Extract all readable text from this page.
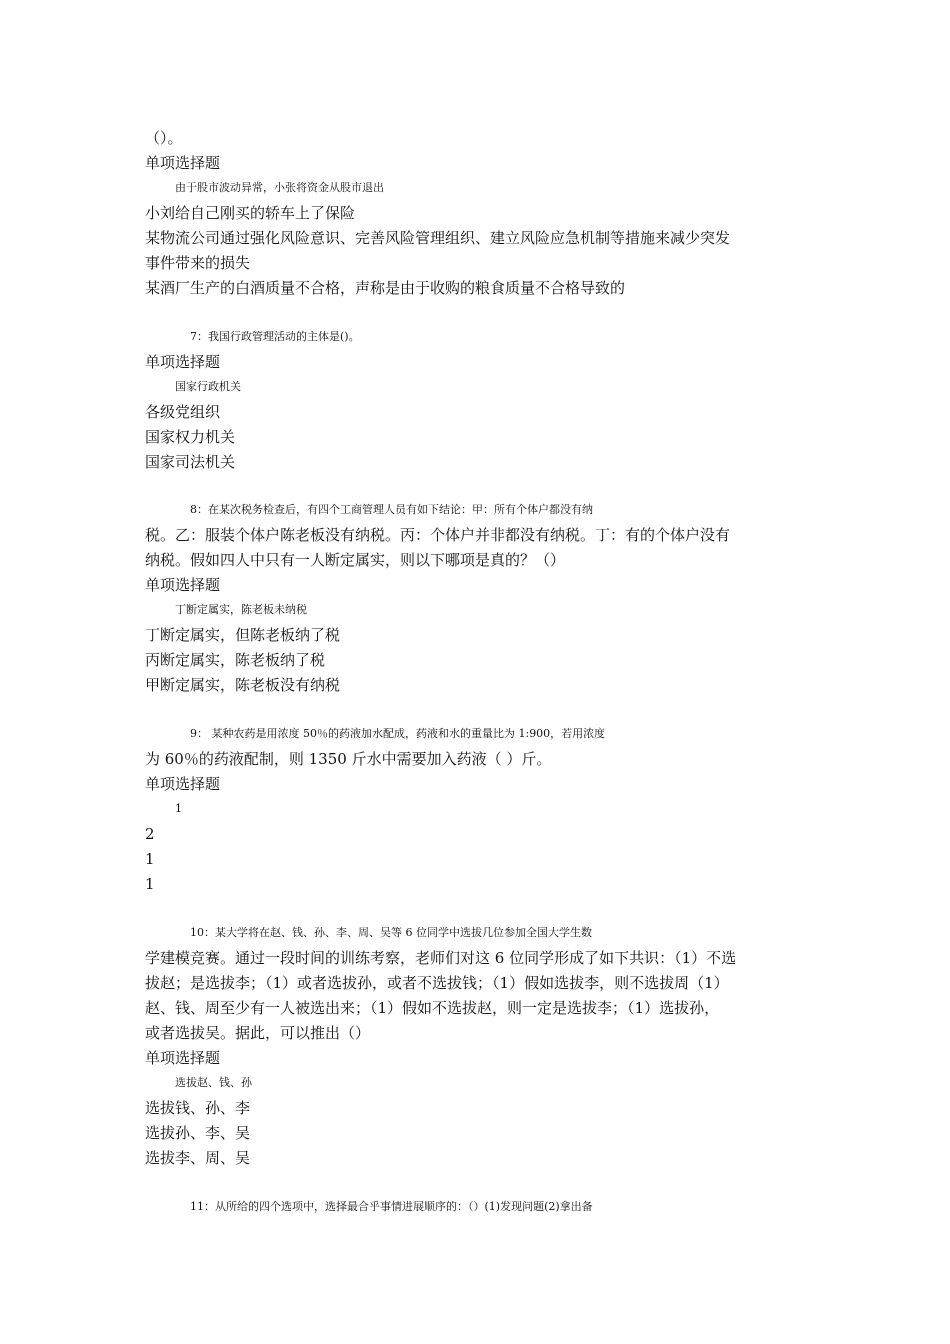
（）。
单项选择题
由于股市波动异常，小张将资金从股市退出
小刘给自己刚买的轿车上了保险
某物流公司通过强化风险意识、完善风险管理组织、建立风险应急机制等措施来减少突发
事件带来的损失
某酒厂生产的白酒质量不合格，声称是由于收购的粮食质量不合格导致的
7：我国行政管理活动的主体是()。
单项选择题
国家行政机关
各级党组织
国家权力机关
国家司法机关
8：在某次税务检查后，有四个工商管理人员有如下结论：甲：所有个体户都没有纳
税。乙：服装个体户陈老板没有纳税。丙：个体户并非都没有纳税。丁：有的个体户没有
纳税。假如四人中只有一人断定属实，则以下哪项是真的？（）
单项选择题
丁断定属实，陈老板未纳税
丁断定属实，但陈老板纳了税
丙断定属实，陈老板纳了税
甲断定属实，陈老板没有纳税
9： 某种农药是用浓度 50％的药液加水配成，药液和水的重量比为 1:900，若用浓度
为 60％的药液配制，则 1350 斤水中需要加入药液（ ）斤。
单项选择题
1
2
1
1
10：某大学将在赵、钱、孙、李、周、吴等 6 位同学中选拔几位参加全国大学生数
学建模竞赛。通过一段时间的训练考察，老师们对这 6 位同学形成了如下共识：（1）不选
拔赵；是选拔李；（1）或者选拔孙，或者不选拔钱；（1）假如选拔李，则不选拔周（1）
赵、钱、周至少有一人被选出来；（1）假如不选拔赵，则一定是选拔李；（1）选拔孙，
或者选拔吴。据此，可以推出（）
单项选择题
选拔赵、钱、孙
选拔钱、孙、李
选拔孙、李、吴
选拔李、周、吴
11：从所给的四个选项中，选择最合乎事情进展顺序的：（）(1)发现问题(2)拿出备
